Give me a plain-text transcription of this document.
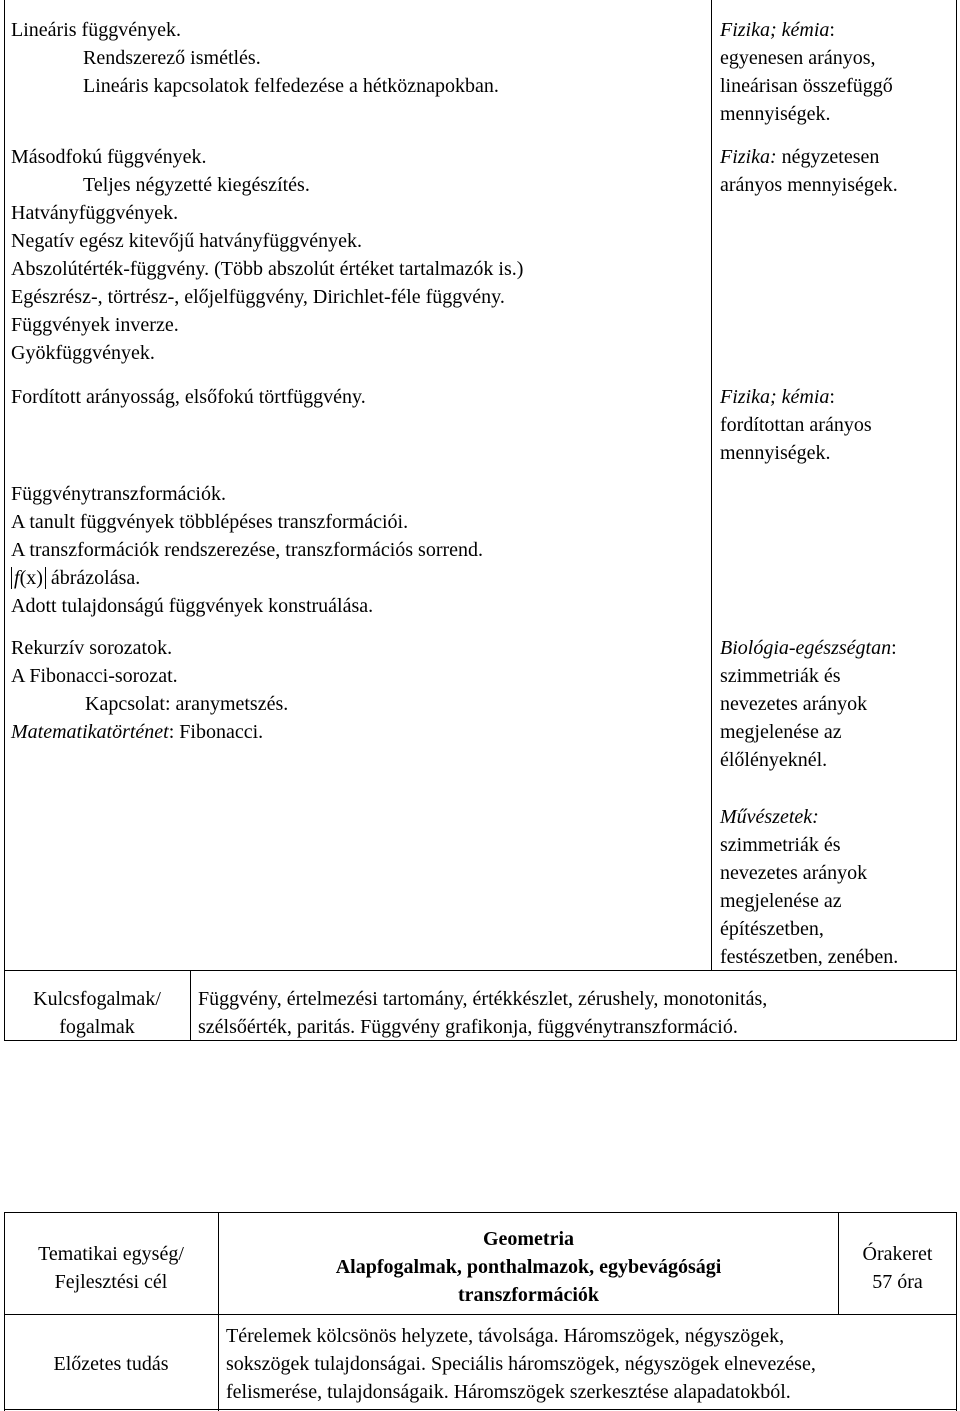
Lineáris függvények.
Rendszerező ismétlés.
Lineáris kapcsolatok felfedezése a hétköznapokban.
Másodfokú függvények.
Teljes négyzetté kiegészítés.
Hatványfüggvények.
Negatív egész kitevőjű hatványfüggvények.
Abszolútérték-függvény. (Több abszolút értéket tartalmazók is.)
Egészrész-, törtrész-, előjelfüggvény, Dirichlet-féle függvény.
Függvények inverze.
Gyökfüggvények.
Fordított arányosság, elsőfokú törtfüggvény.
Függvénytranszformációk.
A tanult függvények többlépéses transzformációi.
A transzformációk rendszerezése, transzformációs sorrend.
f(x) ábrázolása.
Adott tulajdonságú függvények konstruálása.
Rekurzív sorozatok.
A Fibonacci-sorozat.
Kapcsolat: aranymetszés.
Matematikatörténet: Fibonacci.
Fizika; kémia:
egyenesen arányos,
lineárisan összefüggő
mennyiségek.
Fizika: négyzetesen
arányos mennyiségek.
Fizika; kémia:
fordítottan arányos
mennyiségek.
Biológia-egészségtan:
szimmetriák és
nevezetes arányok
megjelenése az
élőlényeknél.
Művészetek:
szimmetriák és
nevezetes arányok
megjelenése az
építészetben,
festészetben, zenében.
Kulcsfogalmak/
fogalmak
Függvény, értelmezési tartomány, értékkészlet, zérushely, monotonitás,
szélsőérték, paritás. Függvény grafikonja, függvénytranszformáció.
Tematikai egység/
Fejlesztési cél
Geometria
Alapfogalmak, ponthalmazok, egybevágósági
transzformációk
Órakeret
57 óra
Előzetes tudás
Térelemek kölcsönös helyzete, távolsága. Háromszögek, négyszögek,
sokszögek tulajdonságai. Speciális háromszögek, négyszögek elnevezése,
felismerése, tulajdonságaik. Háromszögek szerkesztése alapadatokból.
